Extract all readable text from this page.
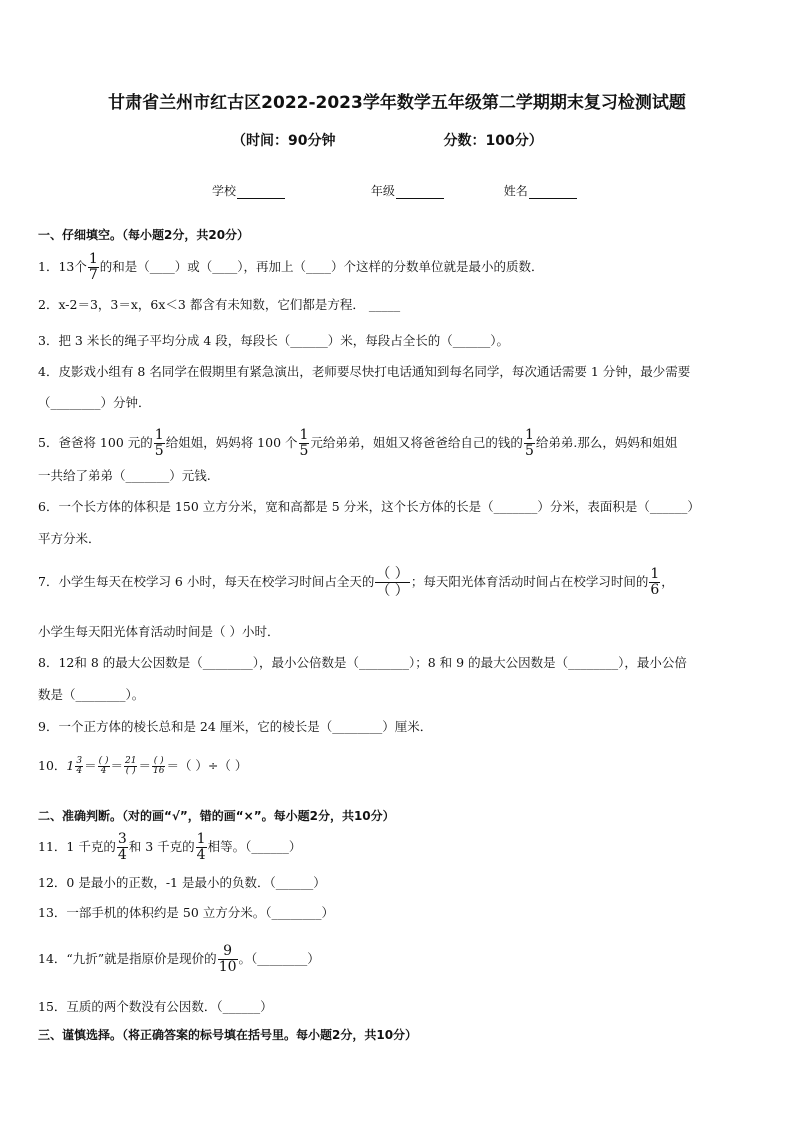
甘肃省兰州市红古区2022-2023学年数学五年级第二学期期末复习检测试题
（时间：90分钟	分数：100分）
学校	年级	姓名
一、仔细填空。（每小题2分，共20分）
1．13个 $\frac{1}{7}$ 的和是（____）或（____），再加上（____）个这样的分数单位就是最小的质数．
2．x-2＝3，3＝x，6x＜3 都含有未知数，它们都是方程． _____
3．把 3 米长的绳子平均分成 4 段，每段长（______）米，每段占全长的（______）。
4．皮影戏小组有 8 名同学在假期里有紧急演出，老师要尽快打电话通知到每名同学，每次通话需要 1 分钟，最少需要
（________）分钟．
5．爸爸将 100 元的 $\frac{1}{5}$ 给姐姐，妈妈将 100 个 $\frac{1}{5}$ 元给弟弟，姐姐又将爸爸给自己的钱的 $\frac{1}{5}$ 给弟弟.那么，妈妈和姐姐
一共给了弟弟（_______）元钱.
6．一个长方体的体积是 150 立方分米，宽和高都是 5 分米，这个长方体的长是（_______）分米，表面积是（______）
平方分米．
7．小学生每天在校学习 6 小时，每天在校学习时间占全天的 （ ）
（ ）
；每天阳光体育活动时间占在校学习时间的 $\frac{1}{6}$ ，
小学生每天阳光体育活动时间是（ ）小时．
8．12和 8 的最大公因数是（________），最小公倍数是（________）；8 和 9 的最大公因数是（________），最小公倍
数是（________）。
9．一个正方体的棱长总和是 24 厘米，它的棱长是（________）厘米．
10．$1 \frac{3}{4}$ ＝ ( )
4 ＝ 21
( ) ＝ ( )
16 ＝（ ）÷（ ）
二、准确判断。（对的画“√”，错的画“×”。每小题2分，共10分）
11．1 千克的 $\frac{3}{4}$ 和 3 千克的 $\frac{1}{4}$ 相等。（______）
12．0 是最小的正数，-1 是最小的负数．（______）
13．一部手机的体积约是 50 立方分米。（________）
14．“九折”就是指原价是现价的 $\frac{9}{10}$ 。（________）
15．互质的两个数没有公因数．（______）
三、谨慎选择。（将正确答案的标号填在括号里。每小题2分，共10分）
